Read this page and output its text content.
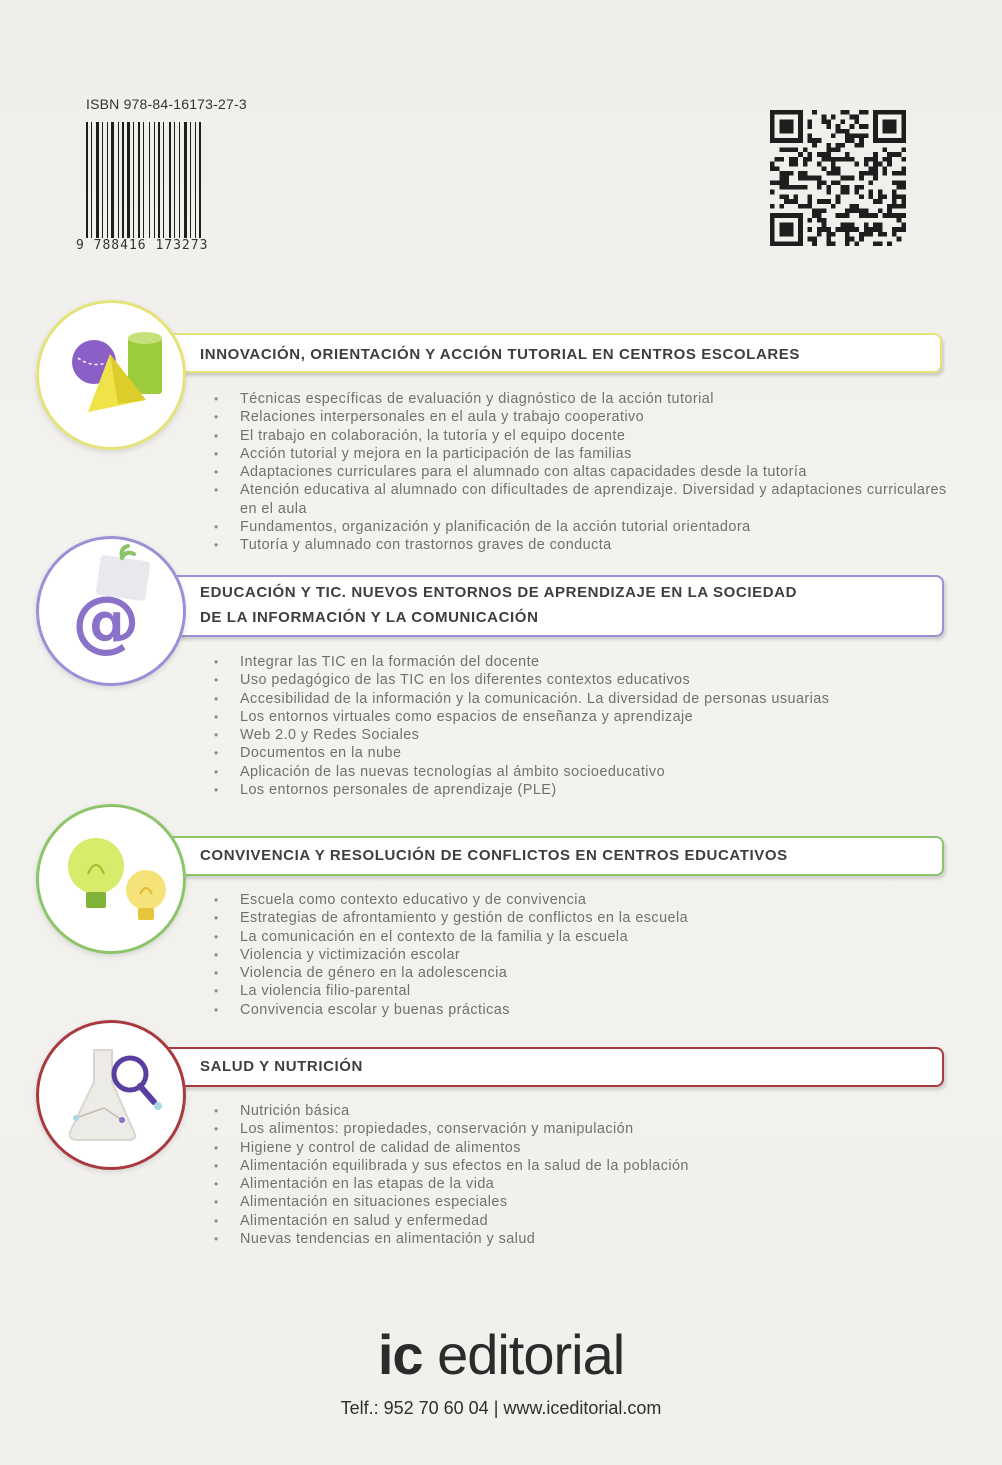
ISBN 978-84-16173-27-3
9 788416 173273
INNOVACIÓN, ORIENTACIÓN Y ACCIÓN TUTORIAL EN CENTROS ESCOLARES
• Técnicas específicas de evaluación y diagnóstico de la acción tutorial
• Relaciones interpersonales en el aula y trabajo cooperativo
• El trabajo en colaboración, la tutoría y el equipo docente
• Acción tutorial y mejora en la participación de las familias
• Adaptaciones curriculares para el alumnado con altas capacidades desde la tutoría
• Atención educativa al alumnado con dificultades de aprendizaje. Diversidad y adaptaciones curriculares en el aula
• Fundamentos, organización y planificación de la acción tutorial orientadora
• Tutoría y alumnado con trastornos graves de conducta
@	EDUCACIÓN Y TIC. NUEVOS ENTORNOS DE APRENDIZAJE EN LA SOCIEDAD
DE LA INFORMACIÓN Y LA COMUNICACIÓN
• Integrar las TIC en la formación del docente
• Uso pedagógico de las TIC en los diferentes contextos educativos
• Accesibilidad de la información y la comunicación. La diversidad de personas usuarias
• Los entornos virtuales como espacios de enseñanza y aprendizaje
• Web 2.0 y Redes Sociales
• Documentos en la nube
• Aplicación de las nuevas tecnologías al ámbito socioeducativo
• Los entornos personales de aprendizaje (PLE)
CONVIVENCIA Y RESOLUCIÓN DE CONFLICTOS EN CENTROS EDUCATIVOS
• Escuela como contexto educativo y de convivencia
• Estrategias de afrontamiento y gestión de conflictos en la escuela
• La comunicación en el contexto de la familia y la escuela
• Violencia y victimización escolar
• Violencia de género en la adolescencia
• La violencia filio-parental
• Convivencia escolar y buenas prácticas
SALUD Y NUTRICIÓN
• Nutrición básica
• Los alimentos: propiedades, conservación y manipulación
• Higiene y control de calidad de alimentos
• Alimentación equilibrada y sus efectos en la salud de la población
• Alimentación en las etapas de la vida
• Alimentación en situaciones especiales
• Alimentación en salud y enfermedad
• Nuevas tendencias en alimentación y salud
ic editorial
Telf.: 952 70 60 04 | www.iceditorial.com
